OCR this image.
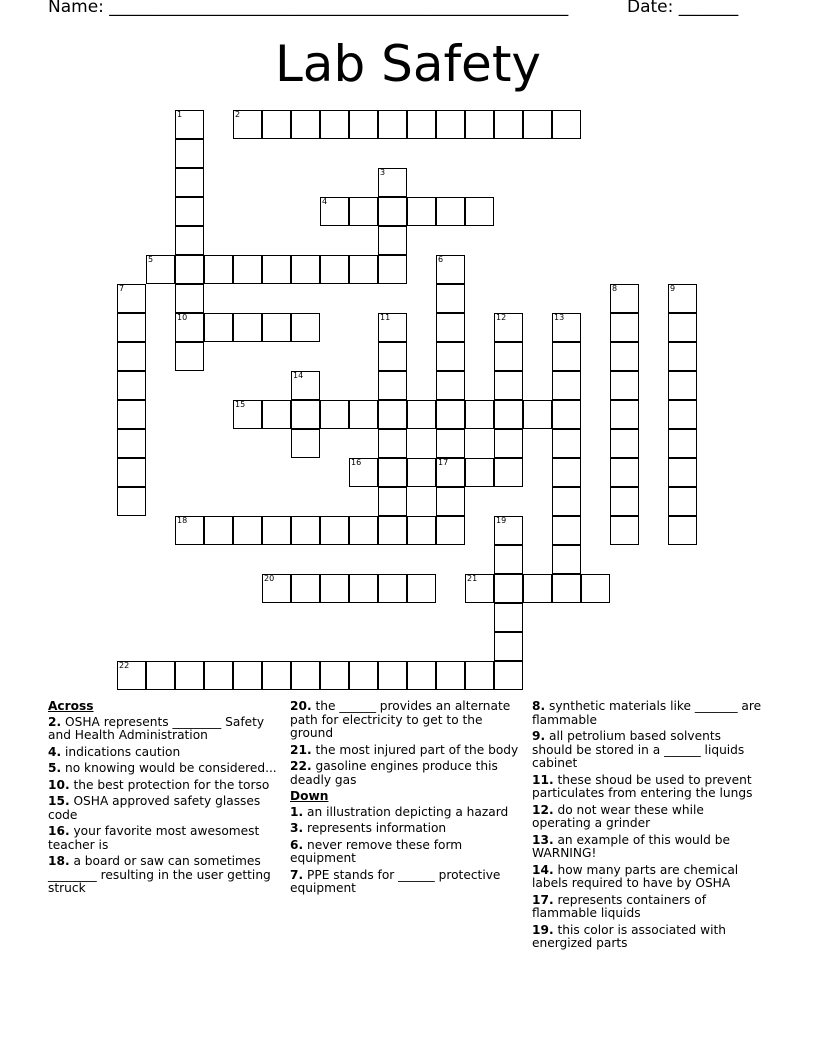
Name: ______________________________________________________	Date: _______
Lab Safety
1
10
2
3
4
5	6
17
7	8	9
11	12	13
14
15
16
18	19
20	21
22
Across
2. OSHA represents ________ Safety and Health Administration
4. indications caution
5. no knowing would be considered...
10. the best protection for the torso
15. OSHA approved safety glasses code
16. your favorite most awesomest teacher is
18. a board or saw can sometimes ________ resulting in the user getting struck
20. the ______ provides an alternate path for electricity to get to the ground
21. the most injured part of the body
22. gasoline engines produce this deadly gas
Down
1. an illustration depicting a hazard
3. represents information
6. never remove these form equipment
7. PPE stands for ______ protective equipment
8. synthetic materials like _______ are flammable
9. all petrolium based solvents should be stored in a ______ liquids cabinet
11. these shoud be used to prevent particulates from entering the lungs
12. do not wear these while operating a grinder
13. an example of this would be WARNING!
14. how many parts are chemical labels required to have by OSHA
17. represents containers of flammable liquids
19. this color is associated with energized parts
